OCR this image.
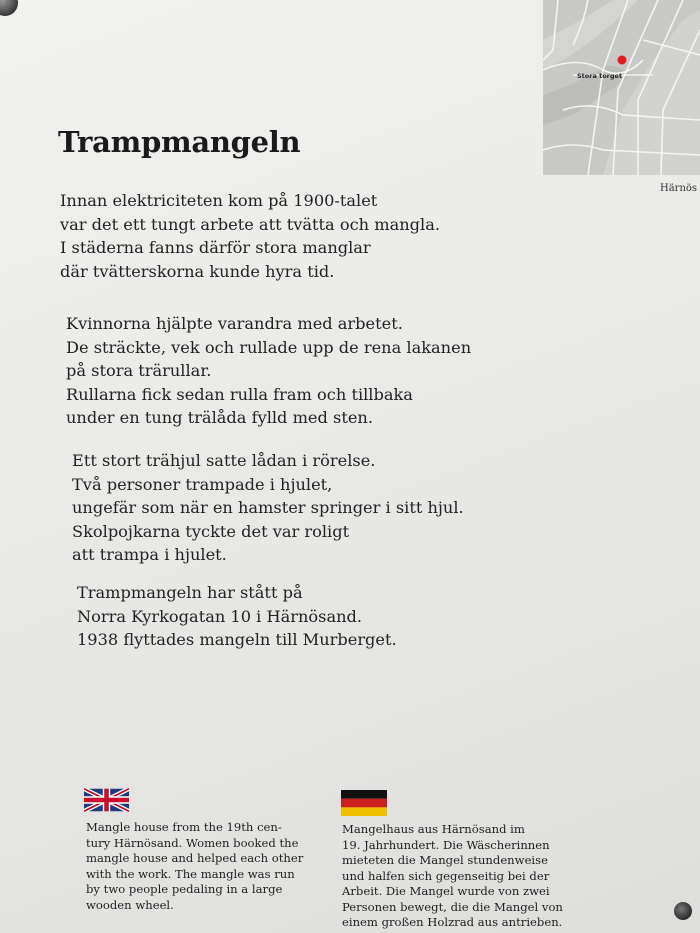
Stora torget
Härnös
Trampmangeln
Innan elektriciteten kom på 1900-talet
var det ett tungt arbete att tvätta och mangla.
I städerna fanns därför stora manglar
där tvätterskorna kunde hyra tid.
Kvinnorna hjälpte varandra med arbetet.
De sträckte, vek och rullade upp de rena lakanen
på stora trärullar.
Rullarna fick sedan rulla fram och tillbaka
under en tung trälåda fylld med sten.
Ett stort trähjul satte lådan i rörelse.
Två personer trampade i hjulet,
ungefär som när en hamster springer i sitt hjul.
Skolpojkarna tyckte det var roligt
att trampa i hjulet.
Trampmangeln har stått på
Norra Kyrkogatan 10 i Härnösand.
1938 flyttades mangeln till Murberget.
Mangle house from the 19th cen-
tury Härnösand. Women booked the
mangle house and helped each other
with the work. The mangle was run
by two people pedaling in a large
wooden wheel.
Mangelhaus aus Härnösand im
19. Jahrhundert. Die Wäscherinnen
mieteten die Mangel stundenweise
und halfen sich gegenseitig bei der
Arbeit. Die Mangel wurde von zwei
Personen bewegt, die die Mangel von
einem großen Holzrad aus antrieben.
